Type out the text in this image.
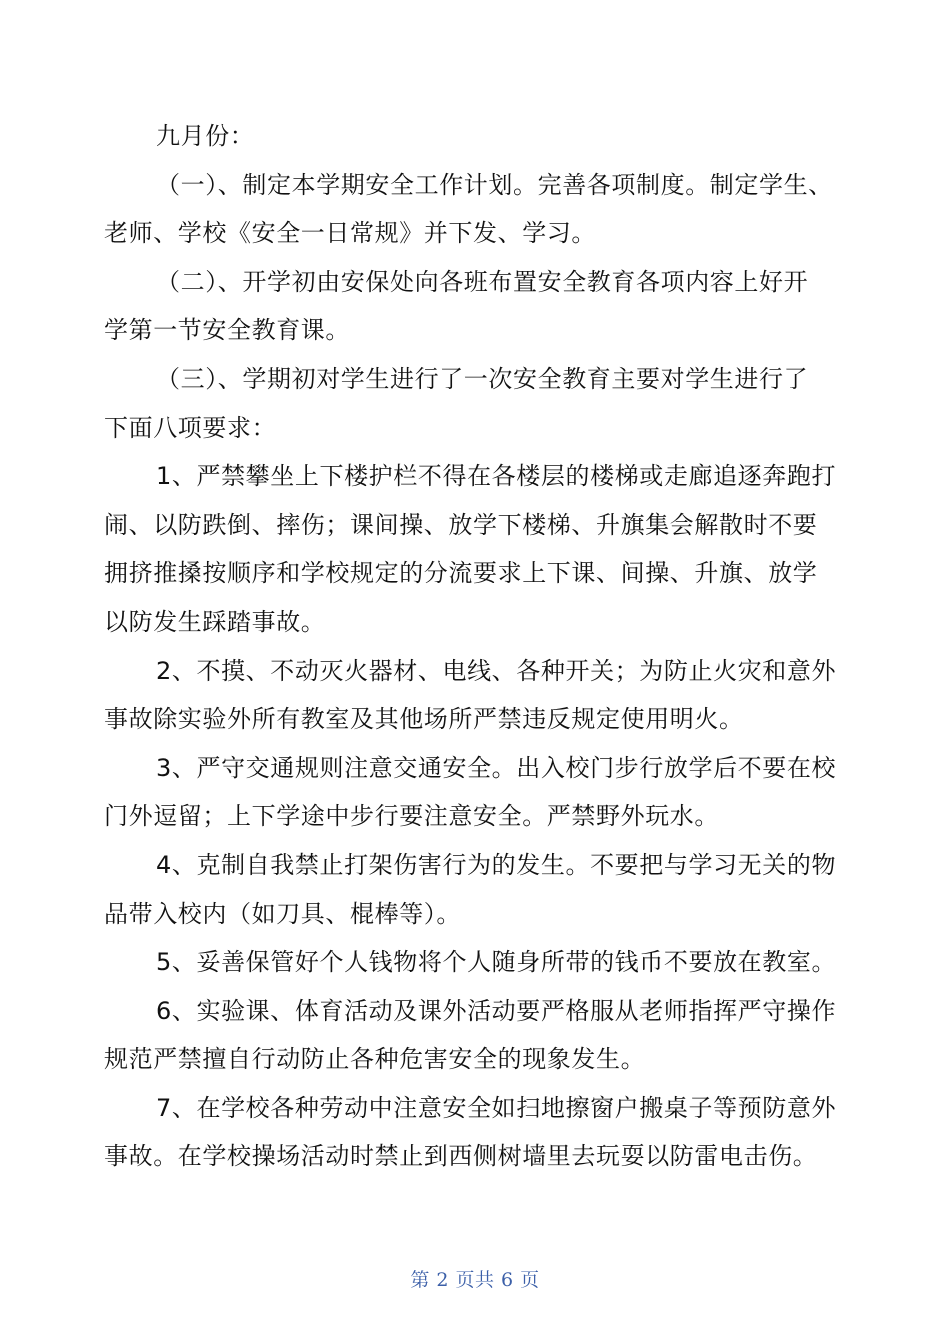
九月份：

（一）、制定本学期安全工作计划。完善各项制度。制定学生、
老师、学校《安全一日常规》并下发、学习。

（二）、开学初由安保处向各班布置安全教育各项内容上好开
学第一节安全教育课。

（三）、学期初对学生进行了一次安全教育主要对学生进行了
下面八项要求：

1、严禁攀坐上下楼护栏不得在各楼层的楼梯或走廊追逐奔跑打
闹、以防跌倒、摔伤；课间操、放学下楼梯、升旗集会解散时不要
拥挤推搡按顺序和学校规定的分流要求上下课、间操、升旗、放学
以防发生踩踏事故。

2、不摸、不动灭火器材、电线、各种开关；为防止火灾和意外
事故除实验外所有教室及其他场所严禁违反规定使用明火。

3、严守交通规则注意交通安全。出入校门步行放学后不要在校
门外逗留；上下学途中步行要注意安全。严禁野外玩水。

4、克制自我禁止打架伤害行为的发生。不要把与学习无关的物
品带入校内（如刀具、棍棒等）。

5、妥善保管好个人钱物将个人随身所带的钱币不要放在教室。

6、实验课、体育活动及课外活动要严格服从老师指挥严守操作
规范严禁擅自行动防止各种危害安全的现象发生。

7、在学校各种劳动中注意安全如扫地擦窗户搬桌子等预防意外
事故。在学校操场活动时禁止到西侧树墙里去玩耍以防雷电击伤。

第 2 页共 6 页
